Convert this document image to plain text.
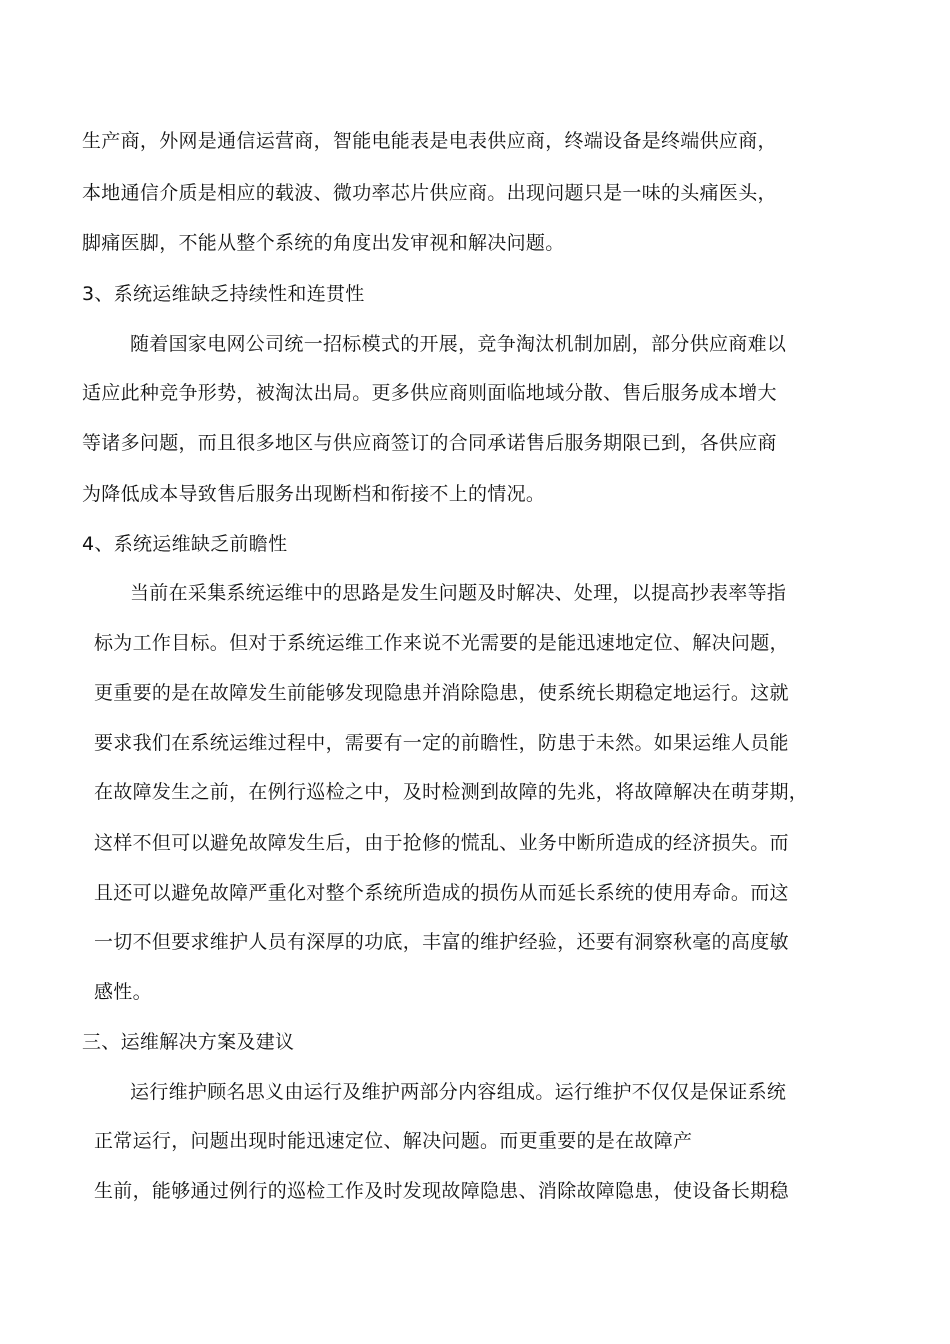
生产商，外网是通信运营商，智能电能表是电表供应商，终端设备是终端供应商，
本地通信介质是相应的载波、微功率芯片供应商。出现问题只是一味的头痛医头，
脚痛医脚，不能从整个系统的角度出发审视和解决问题。
3、系统运维缺乏持续性和连贯性
随着国家电网公司统一招标模式的开展，竞争淘汰机制加剧，部分供应商难以
适应此种竞争形势，被淘汰出局。更多供应商则面临地域分散、售后服务成本增大
等诸多问题，而且很多地区与供应商签订的合同承诺售后服务期限已到，各供应商
为降低成本导致售后服务出现断档和衔接不上的情况。
4、系统运维缺乏前瞻性
当前在采集系统运维中的思路是发生问题及时解决、处理，以提高抄表率等指
标为工作目标。但对于系统运维工作来说不光需要的是能迅速地定位、解决问题，
更重要的是在故障发生前能够发现隐患并消除隐患，使系统长期稳定地运行。这就
要求我们在系统运维过程中，需要有一定的前瞻性，防患于未然。如果运维人员能
在故障发生之前，在例行巡检之中，及时检测到故障的先兆，将故障解决在萌芽期，
这样不但可以避免故障发生后，由于抢修的慌乱、业务中断所造成的经济损失。而
且还可以避免故障严重化对整个系统所造成的损伤从而延长系统的使用寿命。而这
一切不但要求维护人员有深厚的功底，丰富的维护经验，还要有洞察秋毫的高度敏
感性。
三、运维解决方案及建议
运行维护顾名思义由运行及维护两部分内容组成。运行维护不仅仅是保证系统
正常运行，问题出现时能迅速定位、解决问题。而更重要的是在故障产
生前，能够通过例行的巡检工作及时发现故障隐患、消除故障隐患，使设备长期稳
